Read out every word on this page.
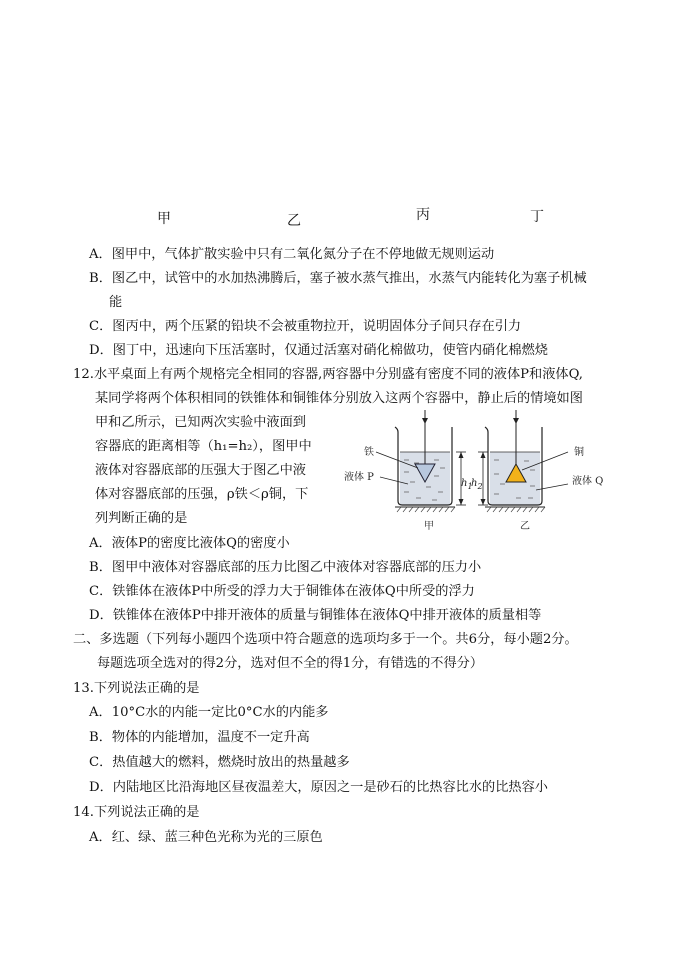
甲	乙	丙	丁
A．图甲中，气体扩散实验中只有二氧化氮分子在不停地做无规则运动
B．图乙中，试管中的水加热沸腾后，塞子被水蒸气推出，水蒸气内能转化为塞子机械
能
C．图丙中，两个压紧的铅块不会被重物拉开，说明固体分子间只存在引力
D．图丁中，迅速向下压活塞时，仅通过活塞对硝化棉做功，使管内硝化棉燃烧
12.水平桌面上有两个规格完全相同的容器,两容器中分别盛有密度不同的液体P和液体Q,
某同学将两个体积相同的铁锥体和铜锥体分别放入这两个容器中，静止后的情境如图
甲和乙所示，已知两次实验中液面到
容器底的距离相等（h₁=h₂），图甲中
液体对容器底部的压强大于图乙中液
体对容器底部的压强，ρ铁＜ρ铜，下
列判断正确的是
铁
液体 P
$h_1$
甲
$h_2$
铜
液体 Q
乙
A．液体P的密度比液体Q的密度小
B．图甲中液体对容器底部的压力比图乙中液体对容器底部的压力小
C．铁锥体在液体P中所受的浮力大于铜锥体在液体Q中所受的浮力
D．铁锥体在液体P中排开液体的质量与铜锥体在液体Q中排开液体的质量相等
二、多选题（下列每小题四个选项中符合题意的选项均多于一个。共6分，每小题2分。
每题选项全选对的得2分，选对但不全的得1分，有错选的不得分）
13.下列说法正确的是
A．10°C水的内能一定比0°C水的内能多
B．物体的内能增加，温度不一定升高
C．热值越大的燃料，燃烧时放出的热量越多
D．内陆地区比沿海地区昼夜温差大，原因之一是砂石的比热容比水的比热容小
14.下列说法正确的是
A．红、绿、蓝三种色光称为光的三原色
